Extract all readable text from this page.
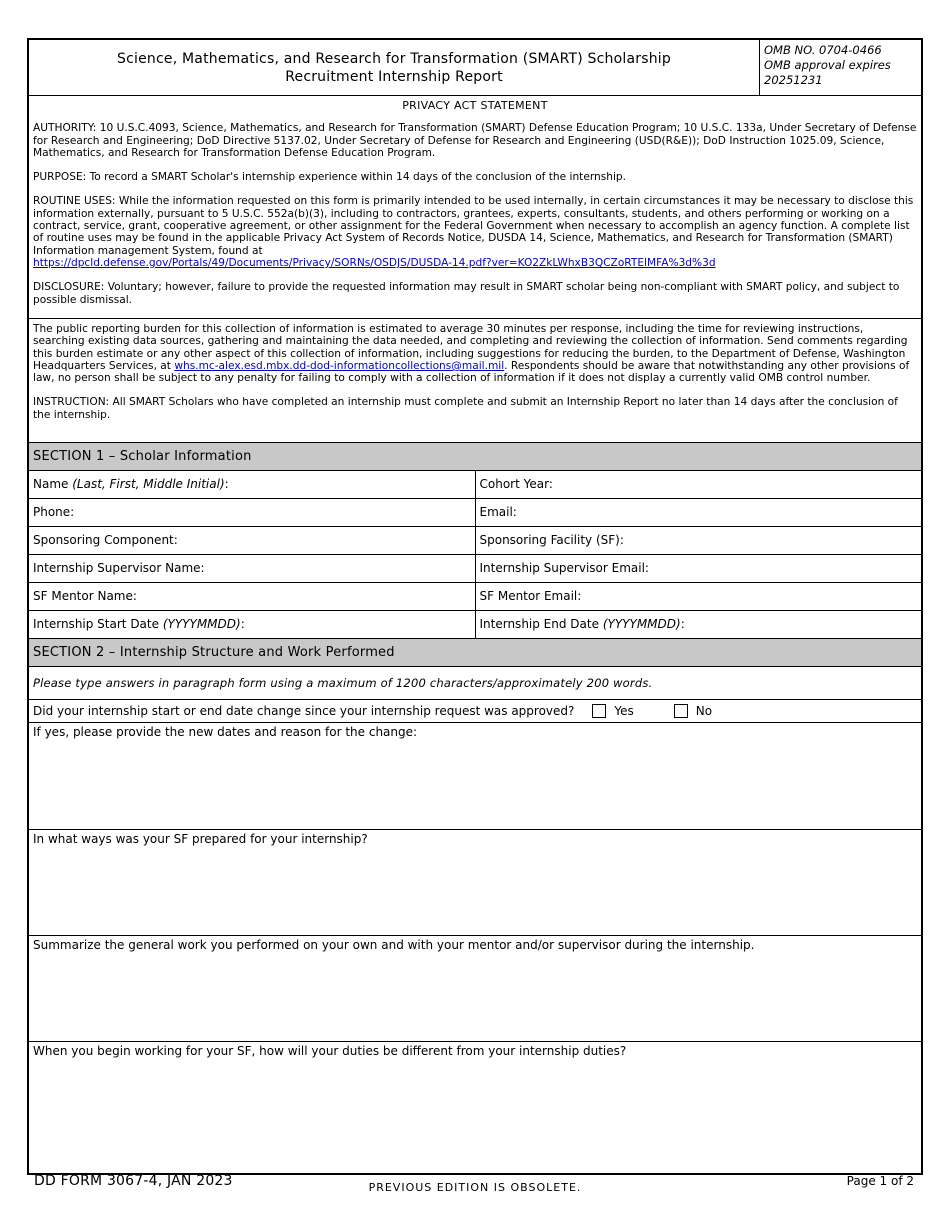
Science, Mathematics, and Research for Transformation (SMART) Scholarship
Recruitment Internship Report
OMB NO. 0704-0466
OMB approval expires
20251231
PRIVACY ACT STATEMENT

AUTHORITY: 10 U.S.C.4093, Science, Mathematics, and Research for Transformation (SMART) Defense Education Program; 10 U.S.C. 133a, Under Secretary of Defense for Research and Engineering; DoD Directive 5137.02, Under Secretary of Defense for Research and Engineering (USD(R&E)); DoD Instruction 1025.09, Science, Mathematics, and Research for Transformation Defense Education Program.

PURPOSE: To record a SMART Scholar's internship experience within 14 days of the conclusion of the internship.

ROUTINE USES: While the information requested on this form is primarily intended to be used internally, in certain circumstances it may be necessary to disclose this information externally, pursuant to 5 U.S.C. 552a(b)(3), including to contractors, grantees, experts, consultants, students, and others performing or working on a contract, service, grant, cooperative agreement, or other assignment for the Federal Government when necessary to accomplish an agency function. A complete list of routine uses may be found in the applicable Privacy Act System of Records Notice, DUSDA 14, Science, Mathematics, and Research for Transformation (SMART) Information management System, found at
https://dpcld.defense.gov/Portals/49/Documents/Privacy/SORNs/OSDJS/DUSDA-14.pdf?ver=KO2ZkLWhxB3QCZoRTElMFA%3d%3d

DISCLOSURE: Voluntary; however, failure to provide the requested information may result in SMART scholar being non-compliant with SMART policy, and subject to possible dismissal.

The public reporting burden for this collection of information is estimated to average 30 minutes per response, including the time for reviewing instructions, searching existing data sources, gathering and maintaining the data needed, and completing and reviewing the collection of information. Send comments regarding this burden estimate or any other aspect of this collection of information, including suggestions for reducing the burden, to the Department of Defense, Washington Headquarters Services, at whs.mc-alex.esd.mbx.dd-dod-informationcollections@mail.mil. Respondents should be aware that notwithstanding any other provisions of law, no person shall be subject to any penalty for failing to comply with a collection of information if it does not display a currently valid OMB control number.

INSTRUCTION: All SMART Scholars who have completed an internship must complete and submit an Internship Report no later than 14 days after the conclusion of the internship.

SECTION 1 – Scholar Information
Name (Last, First, Middle Initial):	Cohort Year:
Phone:	Email:
Sponsoring Component:	Sponsoring Facility (SF):
Internship Supervisor Name:	Internship Supervisor Email:
SF Mentor Name:	SF Mentor Email:
Internship Start Date (YYYYMMDD):	Internship End Date (YYYYMMDD):
SECTION 2 – Internship Structure and Work Performed
Please type answers in paragraph form using a maximum of 1200 characters/approximately 200 words.
Did your internship start or end date change since your internship request was approved?	Yes	No
If yes, please provide the new dates and reason for the change:
In what ways was your SF prepared for your internship?
Summarize the general work you performed on your own and with your mentor and/or supervisor during the internship.
When you begin working for your SF, how will your duties be different from your internship duties?
DD FORM 3067-4, JAN 2023	PREVIOUS EDITION IS OBSOLETE.	Page 1 of 2
